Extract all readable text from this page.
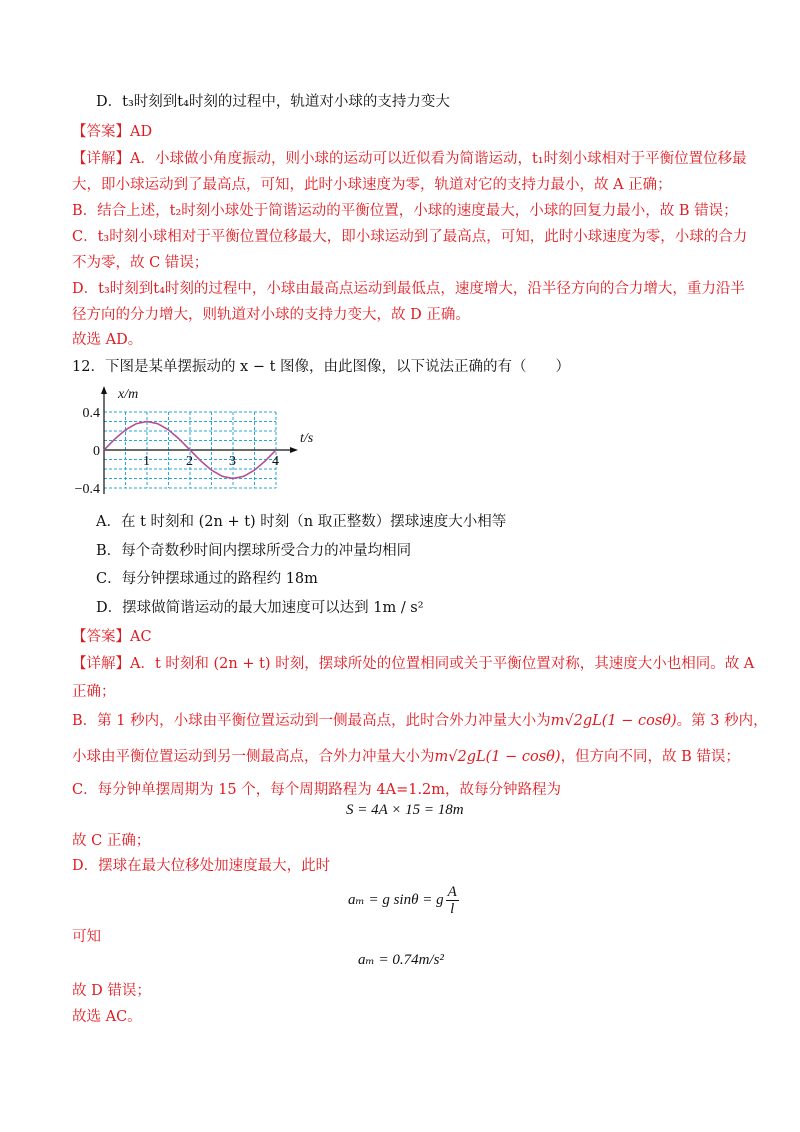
D．t₃时刻到t₄时刻的过程中，轨道对小球的支持力变大
【答案】AD
【详解】A．小球做小角度振动，则小球的运动可以近似看为简谐运动，t₁时刻小球相对于平衡位置位移最
大，即小球运动到了最高点，可知，此时小球速度为零，轨道对它的支持力最小，故 A 正确；
B．结合上述，t₂时刻小球处于简谐运动的平衡位置，小球的速度最大，小球的回复力最小，故 B 错误；
C．t₃时刻小球相对于平衡位置位移最大，即小球运动到了最高点，可知，此时小球速度为零，小球的合力
不为零，故 C 错误；
D．t₃时刻到t₄时刻的过程中，小球由最高点运动到最低点，速度增大，沿半径方向的合力增大，重力沿半
径方向的分力增大，则轨道对小球的支持力变大，故 D 正确。
故选 AD。
12．下图是某单摆振动的 x − t 图像，由此图像，以下说法正确的有（　　）
1	2	3	4
0.4
0
−0.4
x/m
t/s
A．在 t 时刻和 (2n + t) 时刻（n 取正整数）摆球速度大小相等
B．每个奇数秒时间内摆球所受合力的冲量均相同
C．每分钟摆球通过的路程约 18m
D．摆球做简谐运动的最大加速度可以达到 1m / s²
【答案】AC
【详解】A．t 时刻和 (2n + t) 时刻，摆球所处的位置相同或关于平衡位置对称，其速度大小也相同。故 A
正确；
B．第 1 秒内，小球由平衡位置运动到一侧最高点，此时合外力冲量大小为m√2gL(1 − cosθ)。第 3 秒内，
小球由平衡位置运动到另一侧最高点，合外力冲量大小为m√2gL(1 − cosθ)，但方向不同，故 B 错误；
C．每分钟单摆周期为 15 个，每个周期路程为 4A=1.2m，故每分钟路程为
S = 4A × 15 = 18m
故 C 正确；
D．摆球在最大位移处加速度最大，此时
aₘ = g sinθ = g $\frac{A}{l}$
可知
aₘ = 0.74m/s²
故 D 错误；
故选 AC。
